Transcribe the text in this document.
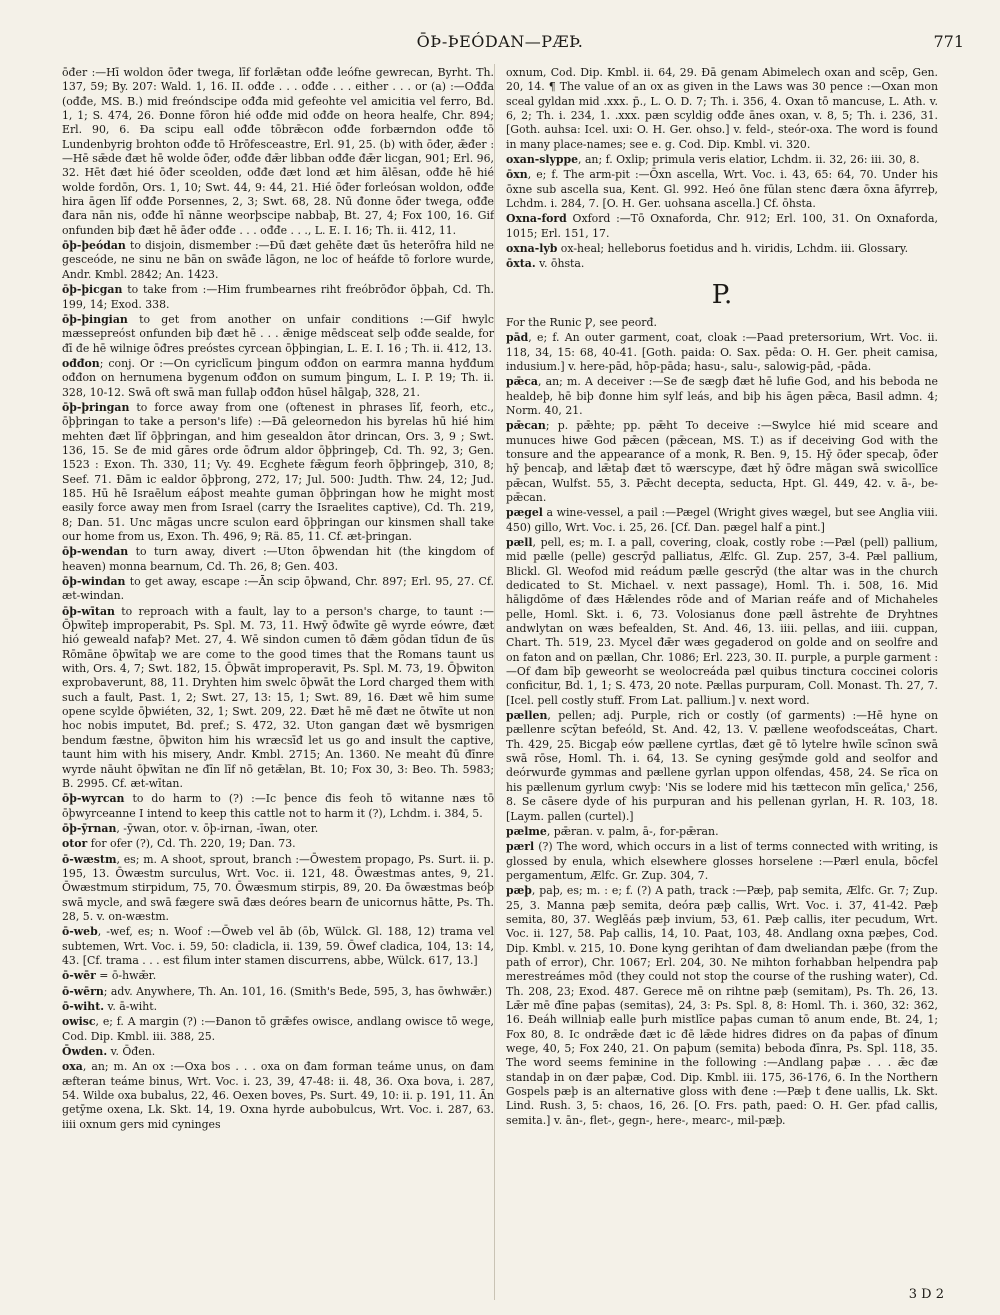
ŌÞ-ÞEÓDAN—PÆÞ.	771

ōđer :—Hī woldon ōđer twega, līf forlǣtan ođđe leófne gewrecan, Byrht. Th. 137, 59; By. 207: Wald. 1, 16. II. ođđe . . . ođđe . . . either . . . or (a) :—Ođđa (ođđe, MS. B.) mid freóndscipe ođđa mid gefeohte vel amicitia vel ferro, Bd. 1, 1; S. 474, 26. Ðonne fōron hié ođđe mid ođđe on heora healfe, Chr. 894; Erl. 90, 6. Ða scipu eall ođđe tōbrǣcon ođđe forbærndon ođđe tō Lundenbyrig brohton ođđe tō Hrōfesceastre, Erl. 91, 25. (b) with ōđer, ǣđer :—Hē sǣde đæt hē wolde ōđer, ođđe đǣr libban ođđe đǣr licgan, 901; Erl. 96, 32. Hēt đæt hié ōđer sceolden, ođđe đæt lond æt him ālēsan, ođđe hē hié wolde fordōn, Ors. 1, 10; Swt. 44, 9: 44, 21. Hié ōđer forleósan woldon, ođđe hira āgen līf ođđe Porsennes, 2, 3; Swt. 68, 28. Nū đonne ōđer twega, ođđe đara nān nis, ođđe hī nānne weorþscipe nabbaþ, Bt. 27, 4; Fox 100, 16. Gif onfunden biþ đæt hē āđer ođđe . . . ođđe . . ., L. E. I. 16; Th. ii. 412, 11.

ōþ-þeódan to disjoin, dismember :—Đū đæt gehēte đæt ūs heterōfra hild ne gesceóde, ne sinu ne bān on swāđe lāgon, ne loc of heáfde tō forlore wurde, Andr. Kmbl. 2842; An. 1423.

ōþ-þicgan to take from :—Him frumbearnes riht freóbrōđor ōþþah, Cd. Th. 199, 14; Exod. 338.

ōþ-þingian to get from another on unfair conditions :—Gif hwylc mæssepreóst onfunden biþ đæt hē . . . ǣnige mēdsceat selþ ođđe sealde, for đī đe hē wilnige ōđres preóstes cyrcean ōþþingian, L. E. I. 16 ; Th. ii. 412, 13.

ođđon; conj. Or :—On cyriclīcum þingum ođđon on earmra manna hyđđum ođđon on hernumena bygenum ođđon on sumum þingum, L. I. P. 19; Th. ii. 328, 10-12. Swā oft swā man fullaþ ođđon hūsel hālgaþ, 328, 21.

ōþ-þringan to force away from one (oftenest in phrases līf, feorh, etc., ōþþringan to take a person's life) :—Đā geleornedon his byrelas hū hié him mehten đæt līf ōþþringan, and him gesealdon ātor drincan, Ors. 3, 9 ; Swt. 136, 15. Se đe mid gāres orde ōđrum aldor ōþþringeþ, Cd. Th. 92, 3; Gen. 1523 : Exon. Th. 330, 11; Vy. 49. Ecghete fǣgum feorh ōþþringeþ, 310, 8; Seef. 71. Đām ic ealdor ōþþrong, 272, 17; Jul. 500: Judth. Thw. 24, 12; Jud. 185. Hū hē Israēlum eáþost meahte guman ōþþringan how he might most easily force away men from Israel (carry the Israelites captive), Cd. Th. 219, 8; Dan. 51. Unc māgas uncre sculon eard ōþþringan our kinsmen shall take our home from us, Exon. Th. 496, 9; Rä. 85, 11. Cf. æt-þringan.

ōþ-wendan to turn away, divert :—Uton ōþwendan hit (the kingdom of heaven) monna bearnum, Cd. Th. 26, 8; Gen. 403.

ōþ-windan to get away, escape :—Ān scip ōþwand, Chr. 897; Erl. 95, 27. Cf. æt-windan.

ōþ-wītan to reproach with a fault, lay to a person's charge, to taunt :—Ōþwīteþ improperabit, Ps. Spl. M. 73, 11. Hwȳ ōđwīte gē wyrde eówre, đæt hió geweald nafaþ? Met. 27, 4. Wē sindon cumen tō đǣm gōdan tīdun đe ūs Rōmāne ōþwītaþ we are come to the good times that the Romans taunt us with, Ors. 4, 7; Swt. 182, 15. Ōþwāt improperavit, Ps. Spl. M. 73, 19. Ōþwiton exprobaverunt, 88, 11. Dryhten him swelc ōþwāt the Lord charged them with such a fault, Past. 1, 2; Swt. 27, 13: 15, 1; Swt. 89, 16. Đæt wē him sume opene scylde ōþwiéten, 32, 1; Swt. 209, 22. Đæt hē mē đæt ne ōtwīte ut non hoc nobis imputet, Bd. pref.; S. 472, 32. Uton gangan đæt wē bysmrigen bendum fæstne, ōþwiton him his wræcsīđ let us go and insult the captive, taunt him with his misery, Andr. Kmbl. 2715; An. 1360. Ne meaht đū đīnre wyrde nāuht ōþwītan ne đīn līf nō getǣlan, Bt. 10; Fox 30, 3: Beo. Th. 5983; B. 2995. Cf. æt-wītan.

ōþ-wyrcan to do harm to (?) :—Ic þence đis feoh tō witanne næs tō ōþwyrceanne I intend to keep this cattle not to harm it (?), Lchdm. i. 384, 5.

ōþ-ȳrnan, -ȳwan, otor. v. ōþ-irnan, -īwan, oter.

otor for ofer (?), Cd. Th. 220, 19; Dan. 73.

ō-wæstm, es; m. A shoot, sprout, branch :—Ōwestem propago, Ps. Surt. ii. p. 195, 13. Ōwæstm surculus, Wrt. Voc. ii. 121, 48. Ōwæstmas antes, 9, 21. Ōwæstmum stirpidum, 75, 70. Ōwæsmum stirpis, 89, 20. Đa ōwæstmas beóþ swā mycle, and swā fægere swā đæs deóres bearn đe unicornus hātte, Ps. Th. 28, 5. v. on-wæstm.

ō-web, -wef, es; n. Woof :—Ōweb vel āb (ōb, Wülck. Gl. 188, 12) trama vel subtemen, Wrt. Voc. i. 59, 50: cladicla, ii. 139, 59. Ōwef cladica, 104, 13: 14, 43. [Cf. trama . . . est filum inter stamen discurrens, abbe, Wülck. 617, 13.]

ō-wēr = ō-hwǣr.

ō-wērn; adv. Anywhere, Th. An. 101, 16. (Smith's Bede, 595, 3, has ōwhwǣr.)

ō-wiht. v. ā-wiht.

owisc, e; f. A margin (?) :—Đanon tō grǣfes owisce, andlang owisce tō wege, Cod. Dip. Kmbl. iii. 388, 25.

Ōwden. v. Ōđen.

oxa, an; m. An ox :—Oxa bos . . . oxa on đam forman teáme unus, on đam æfteran teáme binus, Wrt. Voc. i. 23, 39, 47-48: ii. 48, 36. Oxa bova, i. 287, 54. Wilde oxa bubalus, 22, 46. Oexen boves, Ps. Surt. 49, 10: ii. p. 191, 11. Ān getȳme oxena, Lk. Skt. 14, 19. Oxna hyrde aubobulcus, Wrt. Voc. i. 287, 63. iiii oxnum gers mid cyninges

oxnum, Cod. Dip. Kmbl. ii. 64, 29. Đā genam Abimelech oxan and scēp, Gen. 20, 14. ¶ The value of an ox as given in the Laws was 30 pence :—Oxan mon sceal gyldan mid .xxx. p̄., L. O. D. 7; Th. i. 356, 4. Oxan tō mancuse, L. Ath. v. 6, 2; Th. i. 234, 1. .xxx. pæn scyldig ođđe ānes oxan, v. 8, 5; Th. i. 236, 31. [Goth. auhsa: Icel. uxi: O. H. Ger. ohso.] v. feld-, steór-oxa. The word is found in many place-names; see e. g. Cod. Dip. Kmbl. vi. 320.

oxan-slyppe, an; f. Oxlip; primula veris elatior, Lchdm. ii. 32, 26: iii. 30, 8.

ōxn, e; f. The arm-pit :—Ōxn ascella, Wrt. Voc. i. 43, 65: 64, 70. Under his ōxne sub ascella sua, Kent. Gl. 992. Heó ōne fūlan stenc đæra ōxna āfyrreþ, Lchdm. i. 284, 7. [O. H. Ger. uohsana ascella.] Cf. ōhsta.

Oxna-ford Oxford :—Tō Oxnaforda, Chr. 912; Erl. 100, 31. On Oxnaforda, 1015; Erl. 151, 17.

oxna-lyb ox-heal; helleborus foetidus and h. viridis, Lchdm. iii. Glossary.

ōxta. v. ōhsta.

P.

For the Runic Ƿ, see peorđ.

pād, e; f. An outer garment, coat, cloak :—Paad pretersorium, Wrt. Voc. ii. 118, 34, 15: 68, 40-41. [Goth. paida: O. Sax. pēda: O. H. Ger. pheit camisa, indusium.] v. here-pād, hōp-pāda; hasu-, salu-, salowig-pād, -pāda.

pǣca, an; m. A deceiver :—Se đe sægþ đæt hē lufie God, and his beboda ne healdeþ, hē biþ đonne him sylf leás, and biþ his āgen pǣca, Basil admn. 4; Norm. 40, 21.

pǣcan; p. pǣhte; pp. pǣht To deceive :—Swylce hié mid sceare and munuces hiwe God pǣcen (pǣcean, MS. T.) as if deceiving God with the tonsure and the appearance of a monk, R. Ben. 9, 15. Hȳ ōđer specaþ, ōđer hȳ þencaþ, and lǣtaþ đæt tō wærscype, đæt hȳ ōđre māgan swā swicollīce pǣcan, Wulfst. 55, 3. Pǣcht decepta, seducta, Hpt. Gl. 449, 42. v. ā-, be-pǣcan.

pægel a wine-vessel, a pail :—Pægel (Wright gives wægel, but see Anglia viii. 450) gillo, Wrt. Voc. i. 25, 26. [Cf. Dan. pægel half a pint.]

pæll, pell, es; m. I. a pall, covering, cloak, costly robe :—Pæl (pell) pallium, mid pælle (pelle) gescrȳd palliatus, Ælfc. Gl. Zup. 257, 3-4. Pæl pallium, Blickl. Gl. Weofod mid reádum pælle gescrȳd (the altar was in the church dedicated to St. Michael. v. next passage), Homl. Th. i. 508, 16. Mid hāligdōme of đæs Hǣlendes rōde and of Marian reáfe and of Michaheles pelle, Homl. Skt. i. 6, 73. Volosianus đone pæll āstrehte đe Dryhtnes andwlytan on wæs befealden, St. And. 46, 13. iiii. pellas, and iiii. cuppan, Chart. Th. 519, 23. Mycel đǣr wæs gegaderod on golde and on seolfre and on faton and on pællan, Chr. 1086; Erl. 223, 30. II. purple, a purple garment :—Of đam bīþ geweorht se weolocreáda pæl quibus tinctura coccinei coloris conficitur, Bd. 1, 1; S. 473, 20 note. Pællas purpuram, Coll. Monast. Th. 27, 7. [Icel. pell costly stuff. From Lat. pallium.] v. next word.

pællen, pellen; adj. Purple, rich or costly (of garments) :—Hē hyne on pællenre scȳtan befeóld, St. And. 42, 13. V. pællene weofodsceátas, Chart. Th. 429, 25. Bicgaþ eów pællene cyrtlas, đæt gē tō lytelre hwīle scīnon swā swā rōse, Homl. Th. i. 64, 13. Se cyning gesȳmde gold and seolfor and deórwurđe gymmas and pællene gyrlan uppon olfendas, 458, 24. Se rīca on his pællenum gyrlum cwyþ: 'Nis se lodere mid his tættecon mīn gelīca,' 256, 8. Se cāsere dyde of his purpuran and his pellenan gyrlan, H. R. 103, 18. [Laym. pallen (curtel).]

pælme, pǣran. v. palm, ā-, for-pǣran.

pærl (?) The word, which occurs in a list of terms connected with writing, is glossed by enula, which elsewhere glosses horselene :—Pærl enula, bōcfel pergamentum, Ælfc. Gr. Zup. 304, 7.

pæþ, paþ, es; m. : e; f. (?) A path, track :—Pæþ, paþ semita, Ælfc. Gr. 7; Zup. 25, 3. Manna pæþ semita, deóra pæþ callis, Wrt. Voc. i. 37, 41-42. Pæþ semita, 80, 37. Weglēás pæþ invium, 53, 61. Pæþ callis, iter pecudum, Wrt. Voc. ii. 127, 58. Paþ callis, 14, 10. Paat, 103, 48. Andlang oxna pæþes, Cod. Dip. Kmbl. v. 215, 10. Đone kyng gerihtan of đam dweliandan pæþe (from the path of error), Chr. 1067; Erl. 204, 30. Ne mihton forhabban helpendra paþ merestreámes mōd (they could not stop the course of the rushing water), Cd. Th. 208, 23; Exod. 487. Gerece mē on rihtne pæþ (semitam), Ps. Th. 26, 13. Lǣr mē đīne paþas (semitas), 24, 3: Ps. Spl. 8, 8: Homl. Th. i. 360, 32: 362, 16. Đeáh willniaþ ealle þurh mistlīce paþas cuman tō anum ende, Bt. 24, 1; Fox 80, 8. Ic ondrǣde đæt ic đē lǣde hidres đidres on đa paþas of đīnum wege, 40, 5; Fox 240, 21. On paþum (semita) beboda đīnra, Ps. Spl. 118, 35. The word seems feminine in the following :—Andlang paþæ . . . ǣc đæ standaþ in on đær paþæ, Cod. Dip. Kmbl. iii. 175, 36-176, 6. In the Northern Gospels pæþ is an alternative gloss with đene :—Pæþ t đene uallis, Lk. Skt. Lind. Rush. 3, 5: chaos, 16, 26. [O. Frs. path, paed: O. H. Ger. pfad callis, semita.] v. ān-, flet-, gegn-, here-, mearc-, mil-pæþ.

3 D 2
